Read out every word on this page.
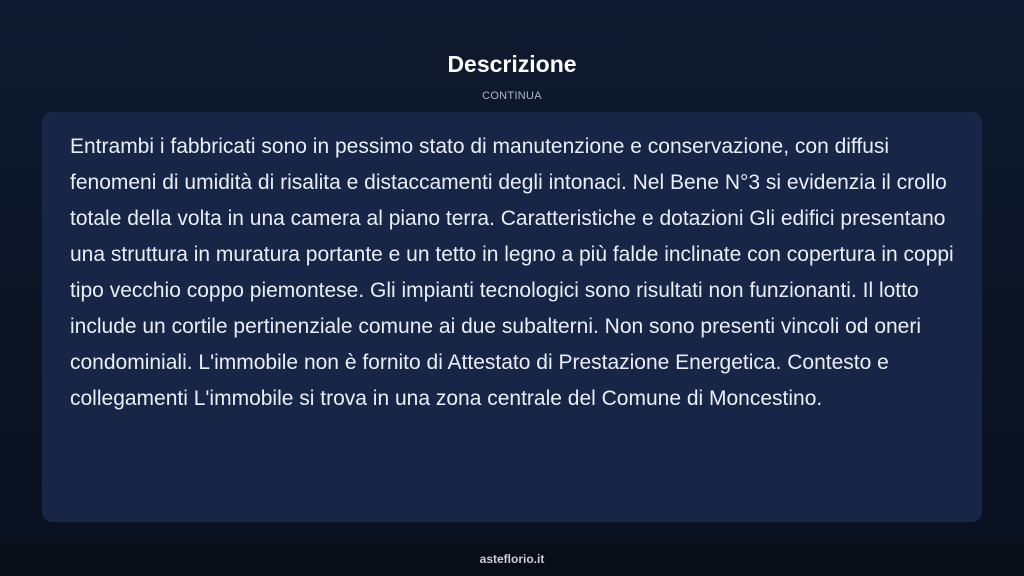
Descrizione
CONTINUA

Entrambi i fabbricati sono in pessimo stato di manutenzione e conservazione, con diffusi fenomeni di umidità di risalita e distaccamenti degli intonaci. Nel Bene N°3 si evidenzia il crollo totale della volta in una camera al piano terra. Caratteristiche e dotazioni Gli edifici presentano una struttura in muratura portante e un tetto in legno a più falde inclinate con copertura in coppi tipo vecchio coppo piemontese. Gli impianti tecnologici sono risultati non funzionanti. Il lotto include un cortile pertinenziale comune ai due subalterni. Non sono presenti vincoli od oneri condominiali. L'immobile non è fornito di Attestato di Prestazione Energetica. Contesto e collegamenti L'immobile si trova in una zona centrale del Comune di Moncestino.

asteflorio.it
